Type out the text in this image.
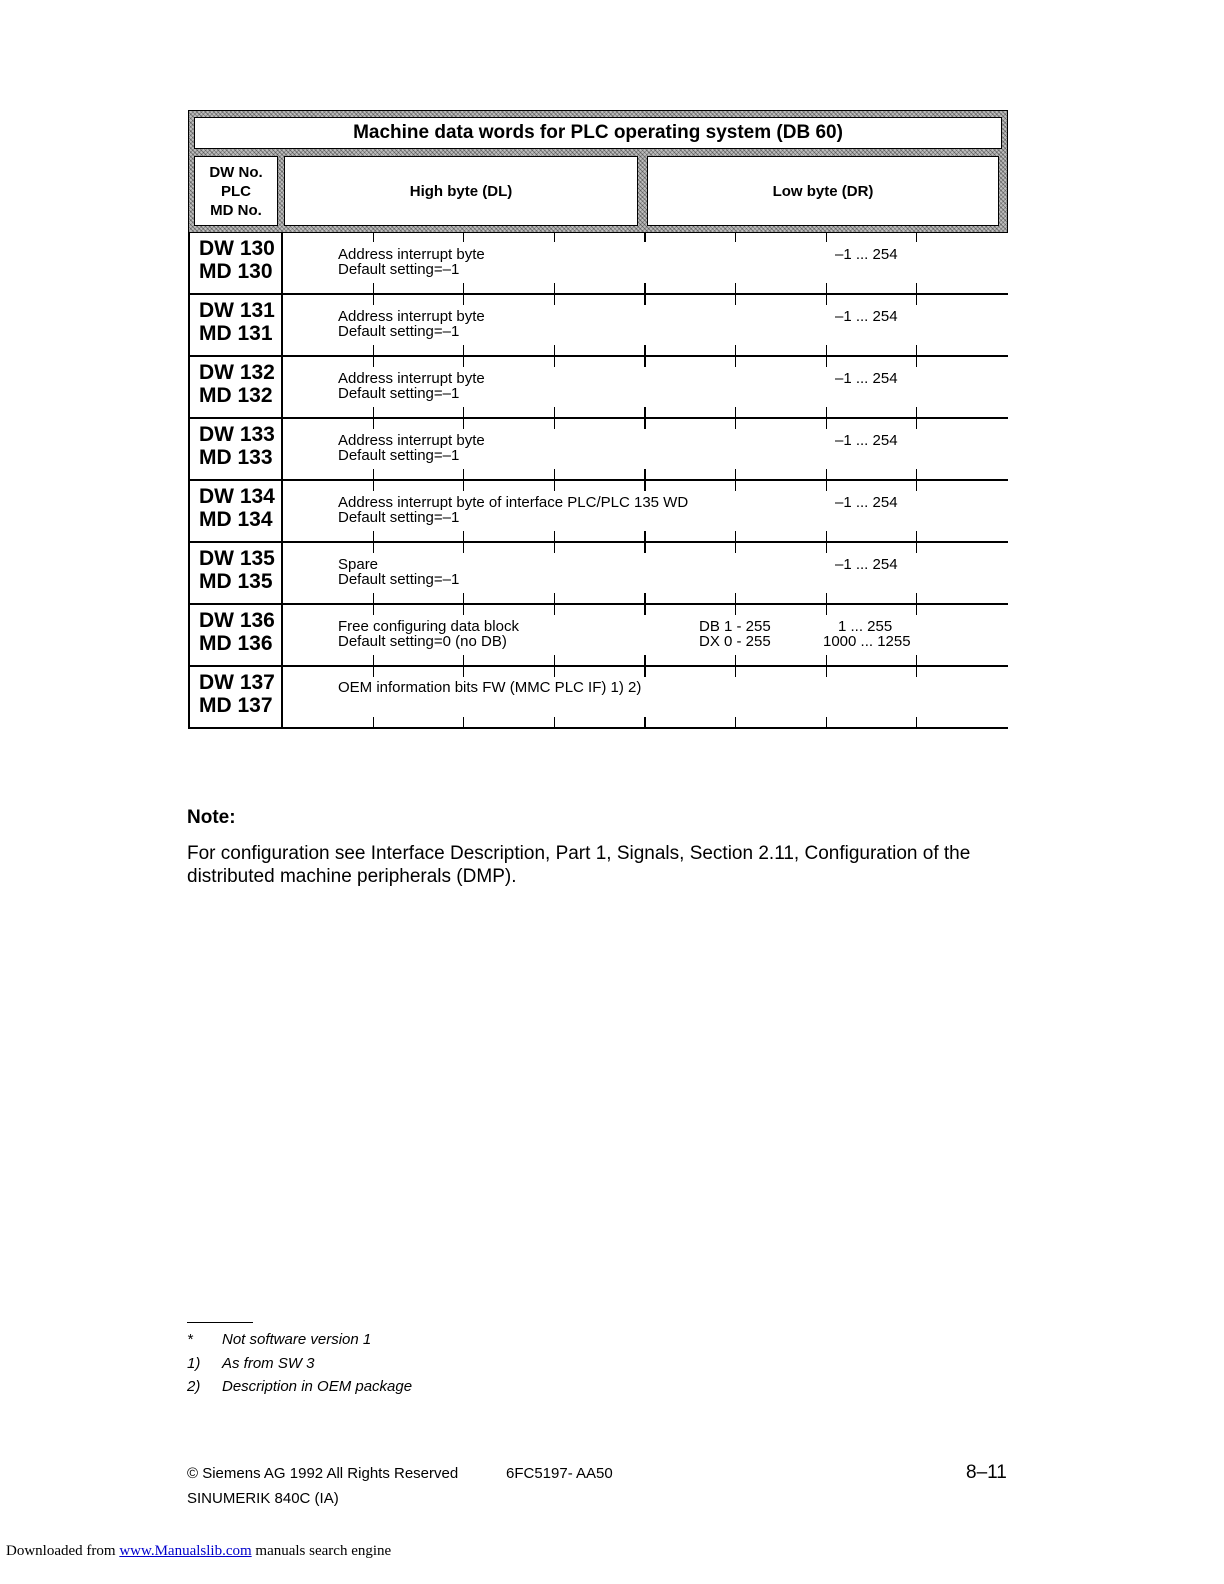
Machine data words for PLC operating system (DB 60)
DW No.
PLC
MD No.
High byte (DL)	Low byte (DR)
DW 130
MD 130
Address interrupt byte
Default setting=–1
–1 ... 254
DW 131
MD 131
Address interrupt byte
Default setting=–1
–1 ... 254
DW 132
MD 132
Address interrupt byte
Default setting=–1
–1 ... 254
DW 133
MD 133
Address interrupt byte
Default setting=–1
–1 ... 254
DW 134
MD 134
Address interrupt byte of interface PLC/PLC 135 WD
Default setting=–1
–1 ... 254
DW 135
MD 135
Spare
Default setting=–1
–1 ... 254
DW 136
MD 136
Free configuring data block
Default setting=0 (no DB)
DB 1 - 255
DX 0 - 255
1 ... 255
1000 ... 1255
DW 137
MD 137
OEM information bits FW (MMC PLC IF) 1) 2)
Note:
For configuration see Interface Description, Part 1, Signals, Section 2.11, Configuration of the distributed machine peripherals (DMP).
* Not software version 1
1) As from SW 3
2) Description in OEM package
© Siemens AG 1992 All Rights Reserved	6FC5197- AA50
SINUMERIK 840C (IA)
8–11
Downloaded from www.Manualslib.com manuals search engine
